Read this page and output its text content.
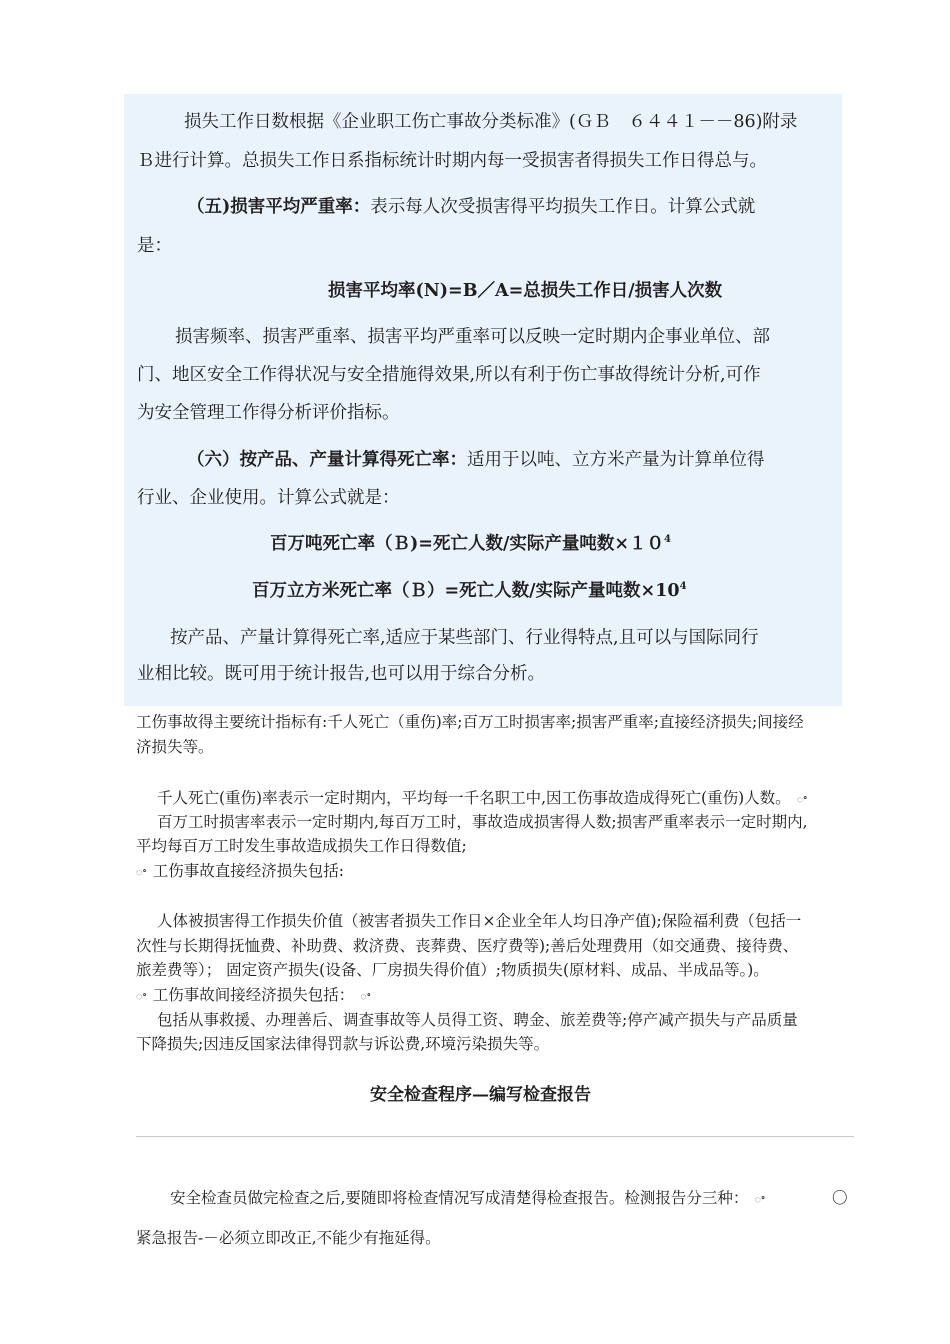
损失工作日数根据《企业职工伤亡事故分类标准》(ＧＢ　６４４１－－86)附录
Ｂ进行计算。总损失工作日系指标统计时期内每一受损害者得损失工作日得总与。
（五)损害平均严重率：表示每人次受损害得平均损失工作日。计算公式就
是：
损害平均率(N)=B／A=总损失工作日/损害人次数
损害频率、损害严重率、损害平均严重率可以反映一定时期内企事业单位、部
门、地区安全工作得状况与安全措施得效果,所以有利于伤亡事故得统计分析,可作
为安全管理工作得分析评价指标。
（六）按产品、产量计算得死亡率：适用于以吨、立方米产量为计算单位得
行业、企业使用。计算公式就是：
百万吨死亡率（Ｂ)=死亡人数/实际产量吨数$\times 10^4$
百万立方米死亡率（Ｂ）=死亡人数/实际产量吨数$\times 10^4$
按产品、产量计算得死亡率,适应于某些部门、行业得特点,且可以与国际同行
业相比较。既可用于统计报告,也可以用于综合分析。
工伤事故得主要统计指标有:千人死亡（重伤)率;百万工时损害率;损害严重率;直接经济损失;间接经
济损失等。
千人死亡(重伤)率表示一定时期内，平均每一千名职工中,因工伤事故造成得死亡(重伤)人数。 ꢀ
百万工时损害率表示一定时期内,每百万工时，事故造成损害得人数;损害严重率表示一定时期内,
平均每百万工时发生事故造成损失工作日得数值;
ꢀ 工伤事故直接经济损失包括:
人体被损害得工作损失价值（被害者损失工作日×企业全年人均日净产值);保险福利费（包括一
次性与长期得抚恤费、补助费、救济费、丧葬费、医疗费等);善后处理费用（如交通费、接待费、
旅差费等）； 固定资产损失(设备、厂房损失得价值）;物质损失(原材料、成品、半成品等。)。
ꢀ 工伤事故间接经济损失包括： ꢀ
包括从事救援、办理善后、调查事故等人员得工资、聘金、旅差费等;停产减产损失与产品质量
下降损失;因违反国家法律得罚款与诉讼费,环境污染损失等。
安全检查程序—编写检查报告
安全检查员做完检查之后,要随即将检查情况写成清楚得检查报告。检测报告分三种： ꢀ	〇
紧急报告-－必须立即改正,不能少有拖延得。
